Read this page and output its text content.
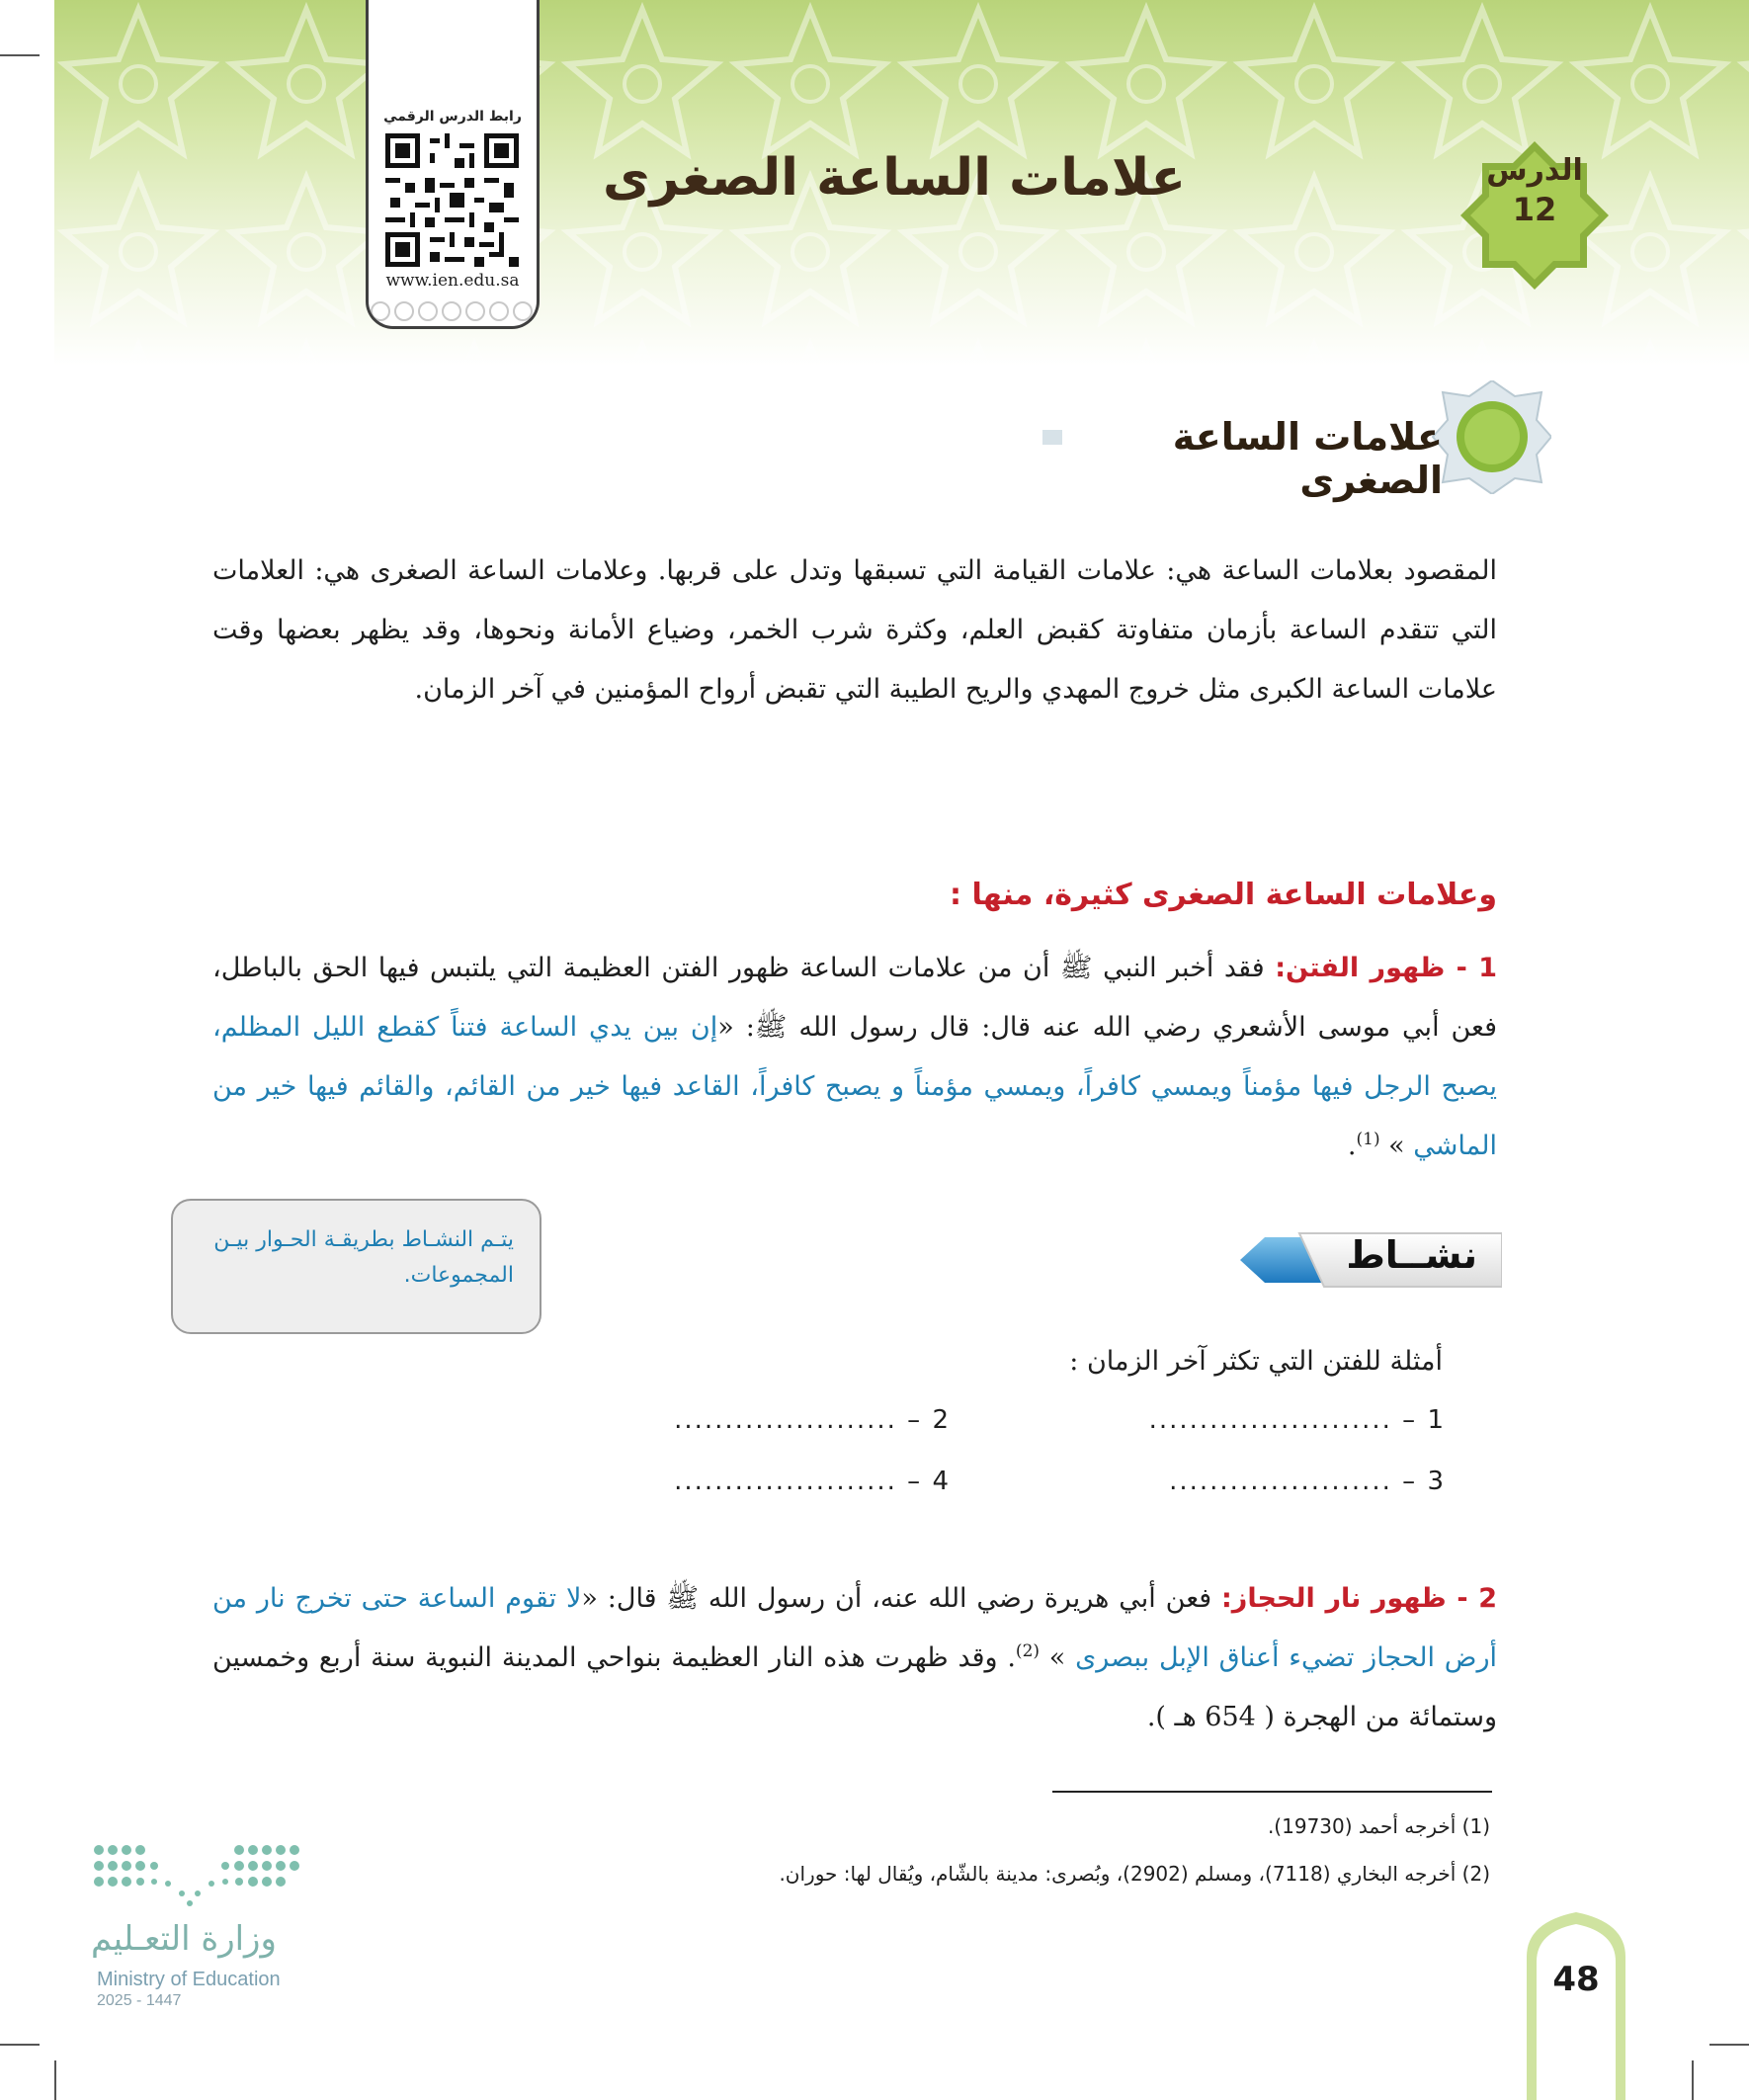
رابط الدرس الرقمي
www.ien.edu.sa
علامات الساعة الصغرى	الدرس
12
علامات الساعة الصغرى
المقصود بعلامات الساعة هي: علامات القيامة التي تسبقها وتدل على قربها. وعلامات الساعة الصغرى هي: العلامات التي تتقدم الساعة بأزمان متفاوتة كقبض العلم، وكثرة شرب الخمر، وضياع الأمانة ونحوها، وقد يظهر بعضها وقت علامات الساعة الكبرى مثل خروج المهدي والريح الطيبة التي تقبض أرواح المؤمنين في آخر الزمان.
وعلامات الساعة الصغرى كثيرة، منها :
1 - ظهور الفتن: فقد أخبر النبي ﷺ أن من علامات الساعة ظهور الفتن العظيمة التي يلتبس فيها الحق بالباطل، فعن أبي موسى الأشعري رضي الله عنه قال: قال رسول الله ﷺ: «إن بين يدي الساعة فتناً كقطع الليل المظلم، يصبح الرجل فيها مؤمناً ويمسي كافراً، ويمسي مؤمناً و يصبح كافراً، القاعد فيها خير من القائم، والقائم فيها خير من الماشي » $^{(1)}$.
يتـم النشـاط بطريقـة الحـوار بيـن المجموعات.	نشــاط
أمثلة للفتن التي تكثر آخر الزمان :
1 – ........................
2 – ......................
3 – ......................
4 – ......................
2 - ظهور نار الحجاز: فعن أبي هريرة رضي الله عنه، أن رسول الله ﷺ قال: «لا تقوم الساعة حتى تخرج نار من أرض الحجاز تضيء أعناق الإبل ببصرى » $^{(2)}$. وقد ظهرت هذه النار العظيمة بنواحي المدينة النبوية سنة أربع وخمسين وستمائة من الهجرة ( 654 هـ ).
(1) أخرجه أحمد (19730).
(2) أخرجه البخاري (7118)، ومسلم (2902)، وبُصرى: مدينة بالشّام، ويُقال لها: حوران.
وزارة التعـليم
Ministry of Education
2025 - 1447
48
